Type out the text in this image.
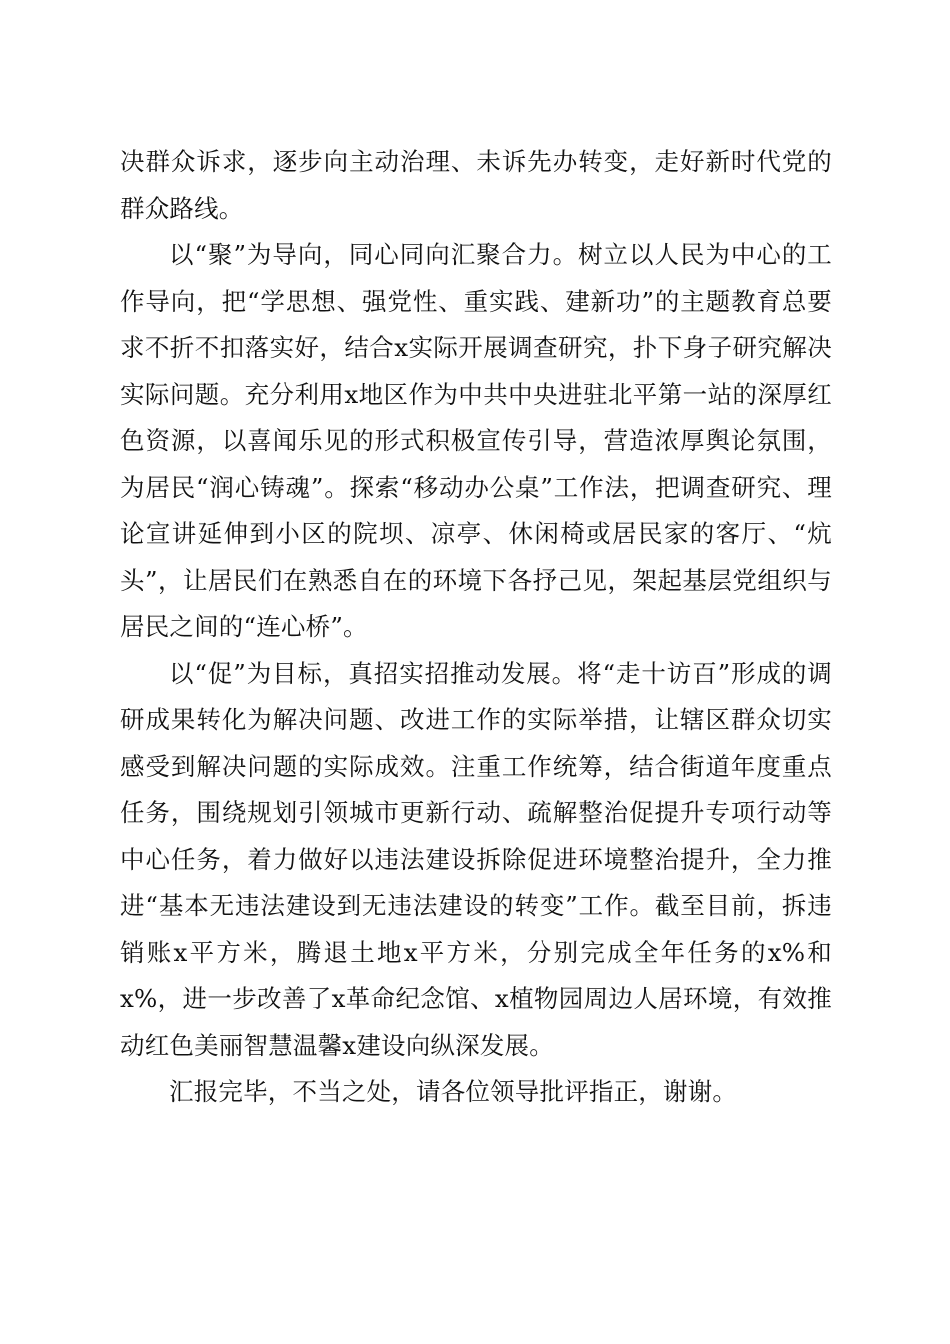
决群众诉求，逐步向主动治理、未诉先办转变，走好新时代党的群众路线。

以“聚”为导向，同心同向汇聚合力。树立以人民为中心的工作导向，把“学思想、强党性、重实践、建新功”的主题教育总要求不折不扣落实好，结合x实际开展调查研究，扑下身子研究解决实际问题。充分利用x地区作为中共中央进驻北平第一站的深厚红色资源，以喜闻乐见的形式积极宣传引导，营造浓厚舆论氛围，为居民“润心铸魂”。探索“移动办公桌”工作法，把调查研究、理论宣讲延伸到小区的院坝、凉亭、休闲椅或居民家的客厅、“炕头”，让居民们在熟悉自在的环境下各抒己见，架起基层党组织与居民之间的“连心桥”。

以“促”为目标，真招实招推动发展。将“走十访百”形成的调研成果转化为解决问题、改进工作的实际举措，让辖区群众切实感受到解决问题的实际成效。注重工作统筹，结合街道年度重点任务，围绕规划引领城市更新行动、疏解整治促提升专项行动等中心任务，着力做好以违法建设拆除促进环境整治提升，全力推进“基本无违法建设到无违法建设的转变”工作。截至目前，拆违销账x平方米，腾退土地x平方米，分别完成全年任务的x%和x%，进一步改善了x革命纪念馆、x植物园周边人居环境，有效推动红色美丽智慧温馨x建设向纵深发展。

汇报完毕，不当之处，请各位领导批评指正，谢谢。
